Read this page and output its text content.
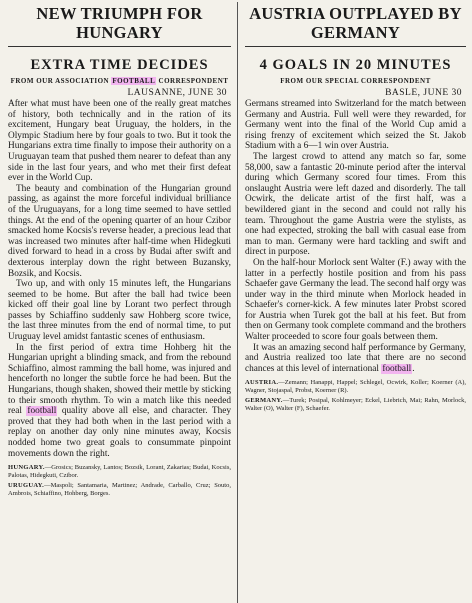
NEW TRIUMPH FOR HUNGARY
EXTRA TIME DECIDES
FROM OUR ASSOCIATION FOOTBALL CORRESPONDENT
LAUSANNE, JUNE 30

After what must have been one of the really great matches of history, both technically and in the ration of its excitement, Hungary beat Uruguay, the holders, in the Olympic Stadium here by four goals to two. But it took the Hungarians extra time finally to impose their authority on a Uruguayan team that pushed them nearer to defeat than any side in the last four years, and who met their first defeat ever in the World Cup.

The beauty and combination of the Hungarian ground passing, as against the more forceful individual brilliance of the Uruguayans, for a long time seemed to have settled things. At the end of the opening quarter of an hour Czibor smacked home Kocsis's reverse header, a precious lead that was increased two minutes after half-time when Hidegkuti dived forward to head in a cross by Budai after swift and dexterous interplay down the right between Buzansky, Bozsik, and Kocsis.

Two up, and with only 15 minutes left, the Hungarians seemed to be home. But after the ball had twice been kicked off their goal line by Lorant two perfect through passes by Schiaffino suddenly saw Hohberg score twice, the last three minutes from the end of normal time, to put Uruguay level amidst fantastic scenes of enthusiasm.

In the first period of extra time Hohberg hit the Hungarian upright a blinding smack, and from the rebound Schiaffino, almost ramming the ball home, was injured and henceforth no longer the subtle force he had been. But the Hungarians, though shaken, showed their mettle by sticking to their smooth rhythm. To win a match like this needed real football quality above all else, and character. They proved that they had both when in the last period with a replay on another day only nine minutes away, Kocsis nodded home two great goals to consummate pinpoint movements down the right.

HUNGARY.—Grosics; Buzansky, Lantos; Bozsik, Lorant, Zakarias; Budai, Kocsis, Palotas, Hidegkuti, Czibor.

URUGUAY.—Maspoli; Santamaria, Martinez; Andrade, Carballo, Cruz; Souto, Ambrois, Schiaffino, Hohberg, Borges.

AUSTRIA OUTPLAYED BY GERMANY
4 GOALS IN 20 MINUTES
FROM OUR SPECIAL CORRESPONDENT
BASLE, JUNE 30

Germans streamed into Switzerland for the match between Germany and Austria. Full well were they rewarded, for Germany went into the final of the World Cup amid a rising frenzy of excitement which seized the St. Jakob Stadium with a 6—1 win over Austria.

The largest crowd to attend any match so far, some 58,000, saw a fantastic 20-minute period after the interval during which Germany scored four times. From this onslaught Austria were left dazed and disorderly. The tall Ocwirk, the delicate artist of the first half, was a bewildered giant in the second and could not rally his team. Throughout the game Austria were the stylists, as one had expected, stroking the ball with casual ease from man to man. Germany were hard tackling and swift and direct in purpose.

On the half-hour Morlock sent Walter (F.) away with the latter in a perfectly hostile position and from his pass Schaefer gave Germany the lead. The second half orgy was under way in the third minute when Morlock headed in Schaefer's corner-kick. A few minutes later Probst scored for Austria when Turek got the ball at his feet. But from then on Germany took complete command and the brothers Walter proceeded to score four goals between them.

It was an amazing second half performance by Germany, and Austria realized too late that there are no second chances at this level of international football.

AUSTRIA.—Zemann; Hanappi, Happel; Schlegel, Ocwirk, Koller; Koerner (A), Wagner, Stojaspal, Probst, Koerner (R).

GERMANY.—Turek; Posipal, Kohlmeyer; Eckel, Liebrich, Mai; Rahn, Morlock, Walter (O), Walter (F), Schaefer.
